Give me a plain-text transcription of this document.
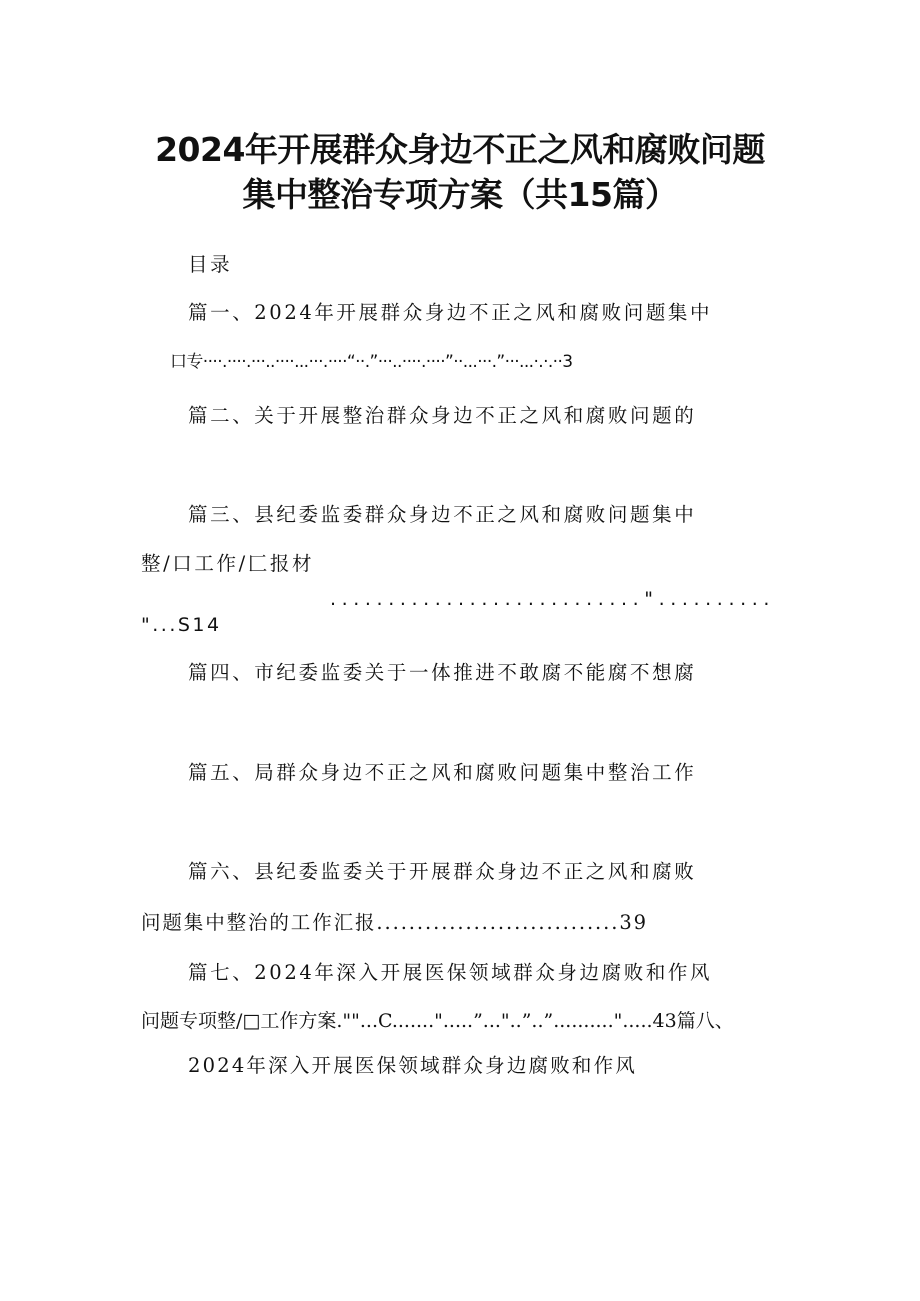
2024年开展群众身边不正之风和腐败问题
集中整治专项方案（共15篇）
目录
篇一、2024年开展群众身边不正之风和腐败问题集中
口专····.····.···..····...···.····“··.”···..····.····”··...···.”···...·.·.··3
篇二、关于开展整治群众身边不正之风和腐败问题的
篇三、县纪委监委群众身边不正之风和腐败问题集中
整/口工作/匚报材
..........................."..........
"...S14
篇四、市纪委监委关于一体推进不敢腐不能腐不想腐
篇五、局群众身边不正之风和腐败问题集中整治工作
篇六、县纪委监委关于开展群众身边不正之风和腐败
问题集中整治的工作汇报..............................39
篇七、2024年深入开展医保领域群众身边腐败和作风
问题专项整/□工作方案.""...C.......".....”..."..”..”..........".....43篇八、
2024年深入开展医保领域群众身边腐败和作风
